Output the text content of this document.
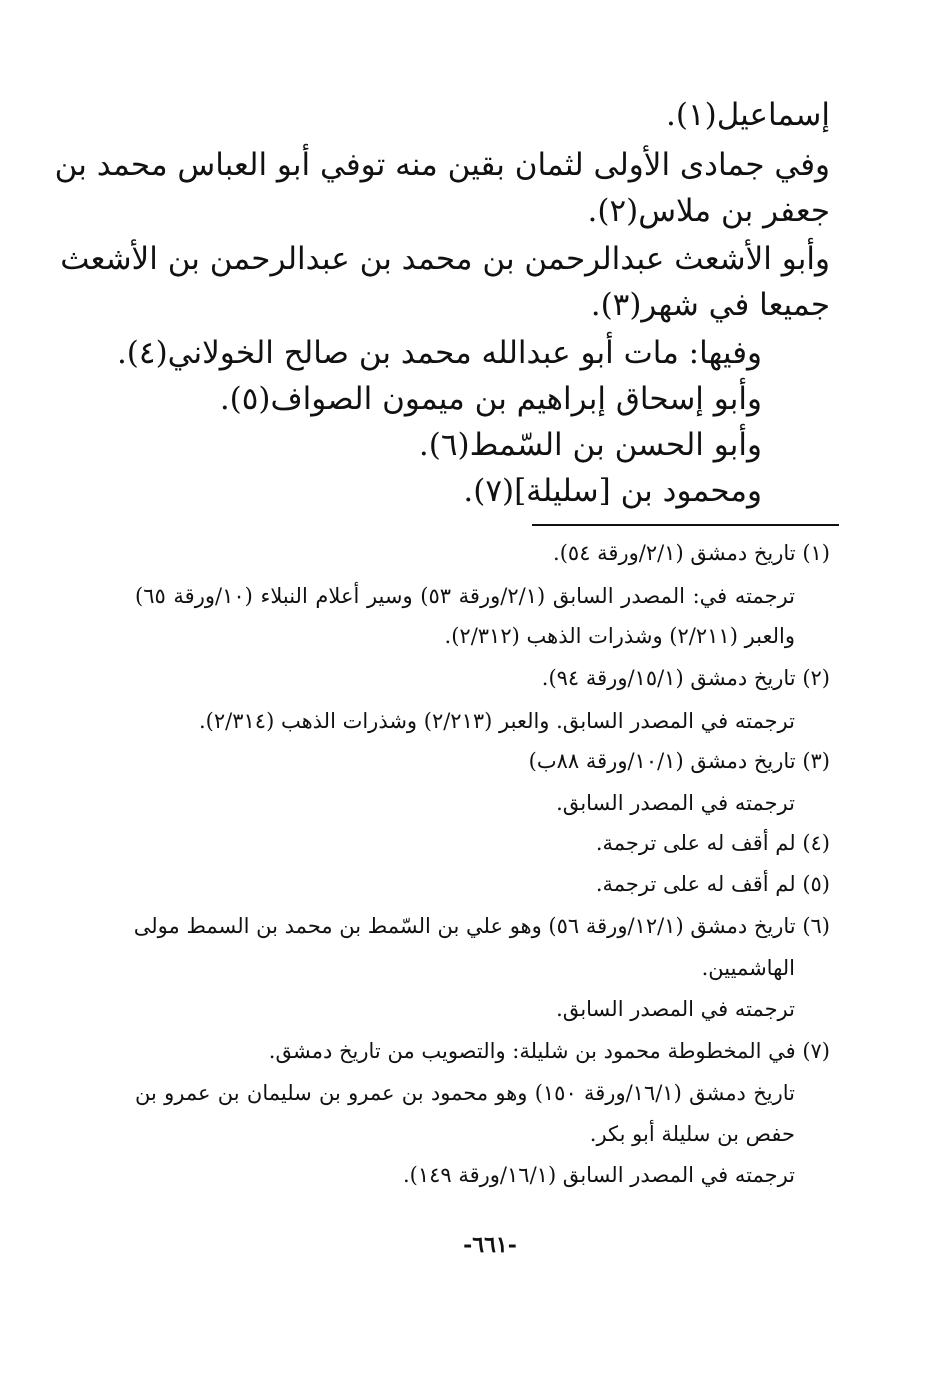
إسماعيل(١).

وفي جمادى الأولى لثمان بقين منه توفي أبو العباس محمد بن

جعفر بن ملاس(٢).

وأبو الأشعث عبدالرحمن بن محمد بن عبدالرحمن بن الأشعث

جميعا في شهر(٣).

وفيها: مات أبو عبدالله محمد بن صالح الخولاني(٤).

وأبو إسحاق إبراهيم بن ميمون الصواف(٥).

وأبو الحسن بن السّمط(٦).

ومحمود بن [سليلة](٧).

(١) تاريخ دمشق (٢/١/ورقة ٥٤).

ترجمته في: المصدر السابق (٢/١/ورقة ٥٣) وسير أعلام النبلاء (١٠/ورقة ٦٥)

والعبر (٢/٢١١) وشذرات الذهب (٢/٣١٢).

(٢) تاريخ دمشق (١٥/١/ورقة ٩٤).

ترجمته في المصدر السابق. والعبر (٢/٢١٣) وشذرات الذهب (٢/٣١٤).

(٣) تاريخ دمشق (١٠/١/ورقة ٨٨ب)

ترجمته في المصدر السابق.

(٤) لم أقف له على ترجمة.

(٥) لم أقف له على ترجمة.

(٦) تاريخ دمشق (١٢/١/ورقة ٥٦) وهو علي بن السّمط بن محمد بن السمط مولى

الهاشميين.

ترجمته في المصدر السابق.

(٧) في المخطوطة محمود بن شليلة: والتصويب من تاريخ دمشق.

تاريخ دمشق (١٦/١/ورقة ١٥٠) وهو محمود بن عمرو بن سليمان بن عمرو بن

حفص بن سليلة أبو بكر.

ترجمته في المصدر السابق (١٦/١/ورقة ١٤٩).

-٦٦١-
